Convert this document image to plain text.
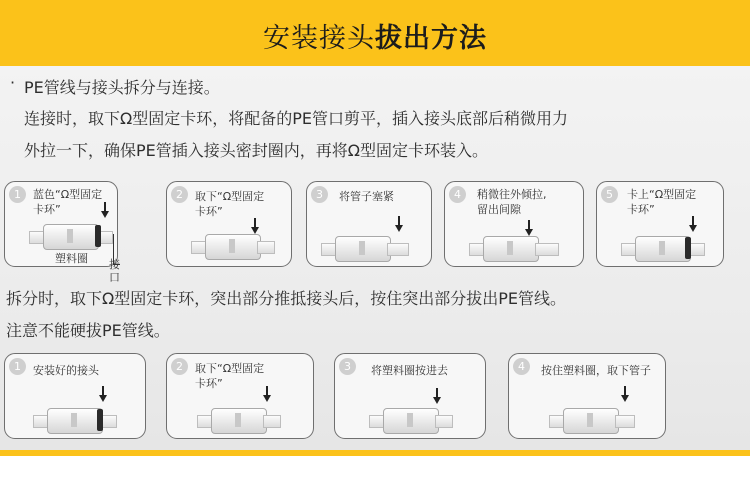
安装接头拔出方法
· PE管线与接头拆分与连接。
连接时，取下Ω型固定卡环，将配备的PE管口剪平，插入接头底部后稍微用力
外拉一下，确保PE管插入接头密封圈内，再将Ω型固定卡环装入。
1	蓝色“Ω型固定
卡环”
塑料圈 接口
2	取下“Ω型固定
卡环”
3	将管子塞紧	4	稍微往外倾拉,
留出间隙
5	卡上“Ω型固定
卡环”
拆分时，取下Ω型固定卡环，突出部分推抵接头后，按住突出部分拔出PE管线。
注意不能硬拔PE管线。
1	安装好的接头	2	取下“Ω型固定
卡环”
3	将塑料圈按进去	4	按住塑料圈，取下管子
